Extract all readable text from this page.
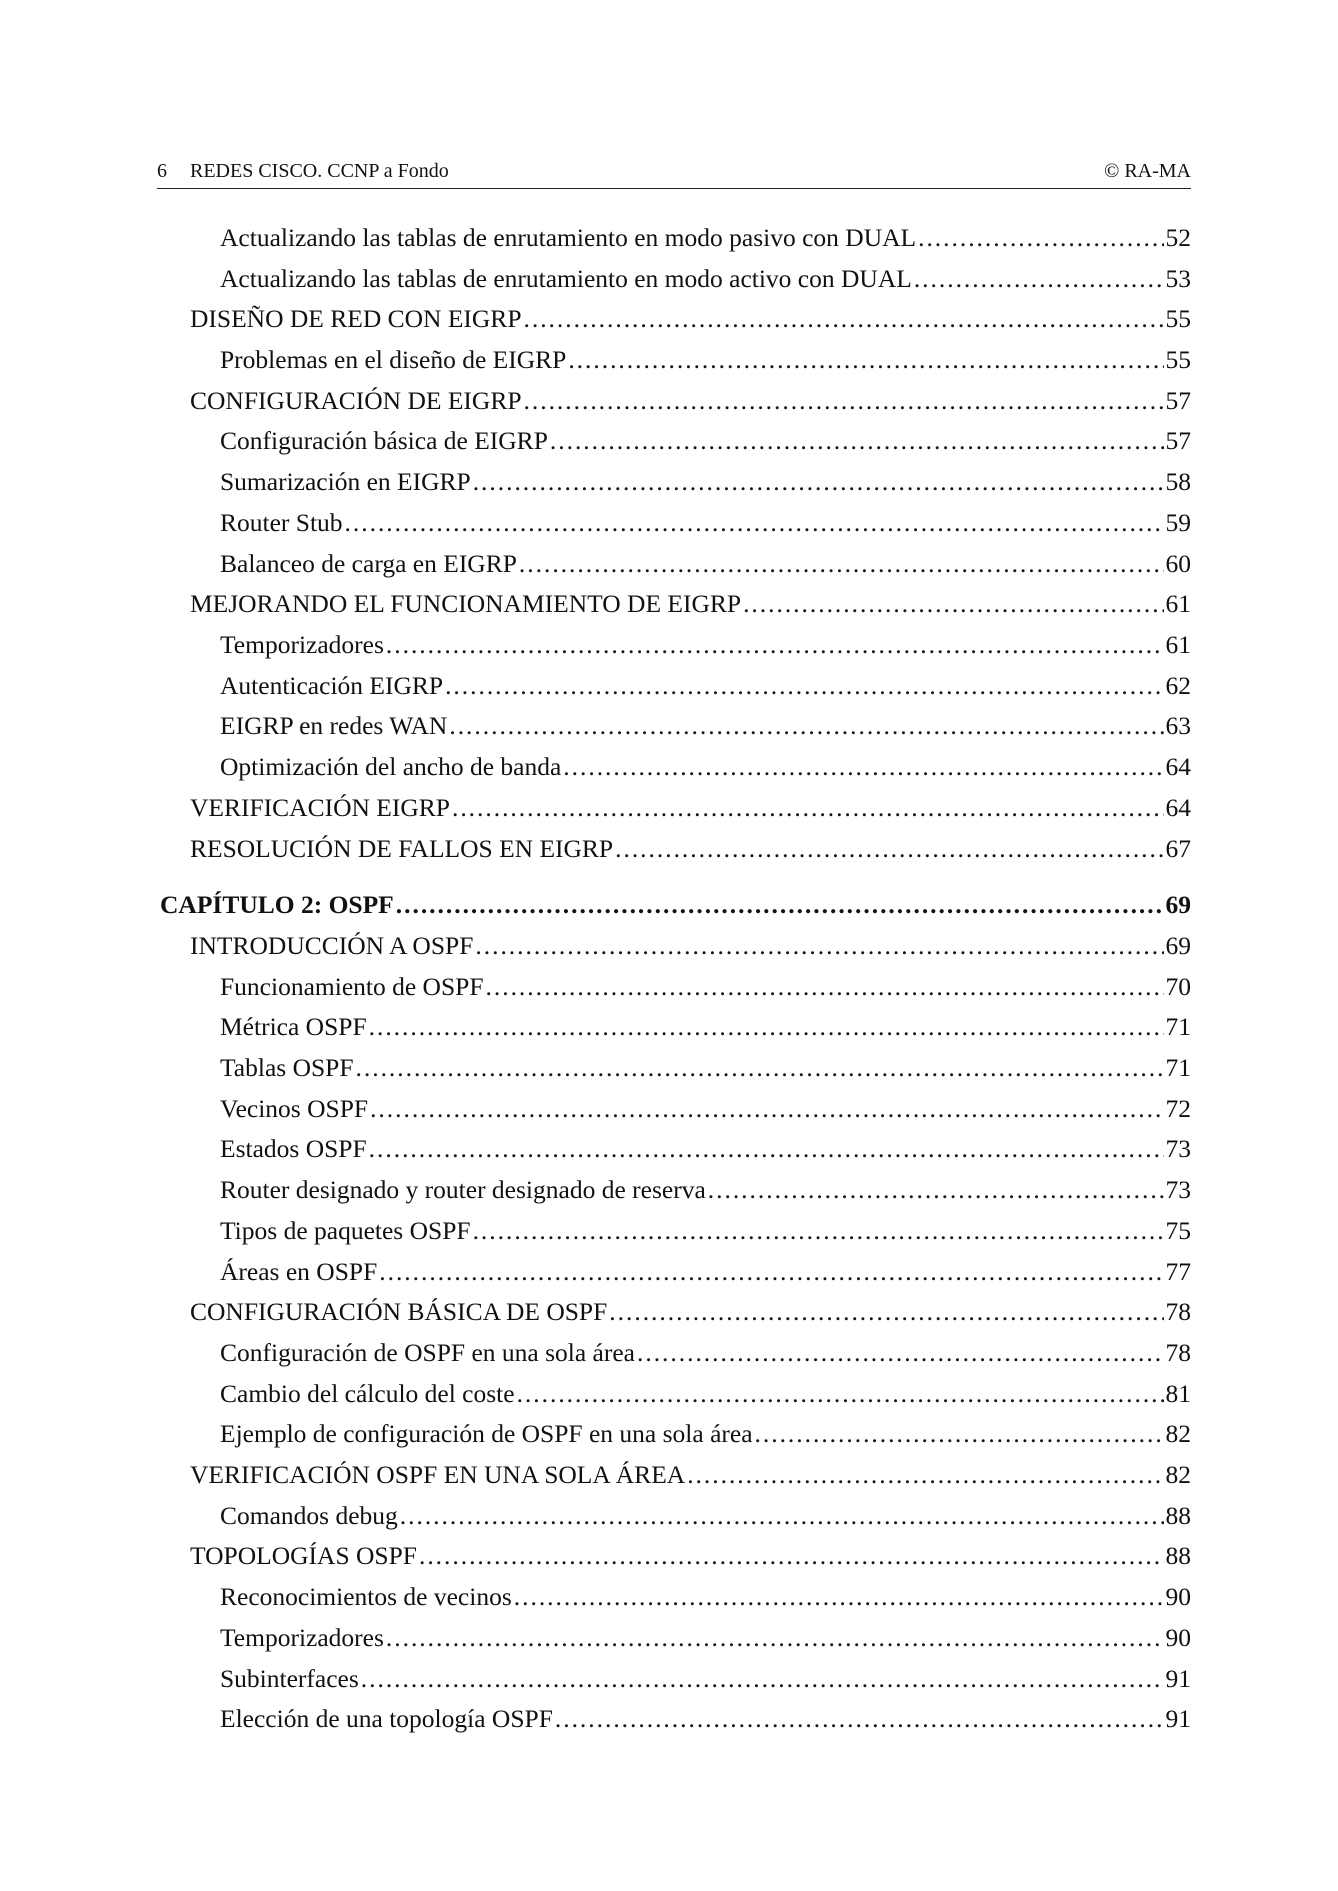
6 REDES CISCO. CCNP a Fondo	© RA-MA
Actualizando las tablas de enrutamiento en modo pasivo con DUAL . . .	52
Actualizando las tablas de enrutamiento en modo activo con DUAL . . .	53
DISEÑO DE RED CON EIGRP . . .	55
Problemas en el diseño de EIGRP . . .	55
CONFIGURACIÓN DE EIGRP . . .	57
Configuración básica de EIGRP . . .	57
Sumarización en EIGRP . . .	58
Router Stub . . .	59
Balanceo de carga en EIGRP . . .	60
MEJORANDO EL FUNCIONAMIENTO DE EIGRP . . .	61
Temporizadores . . .	61
Autenticación EIGRP . . .	62
EIGRP en redes WAN . . .	63
Optimización del ancho de banda . . .	64
VERIFICACIÓN EIGRP . . .	64
RESOLUCIÓN DE FALLOS EN EIGRP . . .	67
CAPÍTULO 2: OSPF . . .	69
INTRODUCCIÓN A OSPF . . .	69
Funcionamiento de OSPF . . .	70
Métrica OSPF . . .	71
Tablas OSPF . . .	71
Vecinos OSPF . . .	72
Estados OSPF . . .	73
Router designado y router designado de reserva . . .	73
Tipos de paquetes OSPF . . .	75
Áreas en OSPF . . .	77
CONFIGURACIÓN BÁSICA DE OSPF . . .	78
Configuración de OSPF en una sola área . . .	78
Cambio del cálculo del coste . . .	81
Ejemplo de configuración de OSPF en una sola área . . .	82
VERIFICACIÓN OSPF EN UNA SOLA ÁREA . . .	82
Comandos debug . . .	88
TOPOLOGÍAS OSPF . . .	88
Reconocimientos de vecinos . . .	90
Temporizadores . . .	90
Subinterfaces . . .	91
Elección de una topología OSPF . . .	91
